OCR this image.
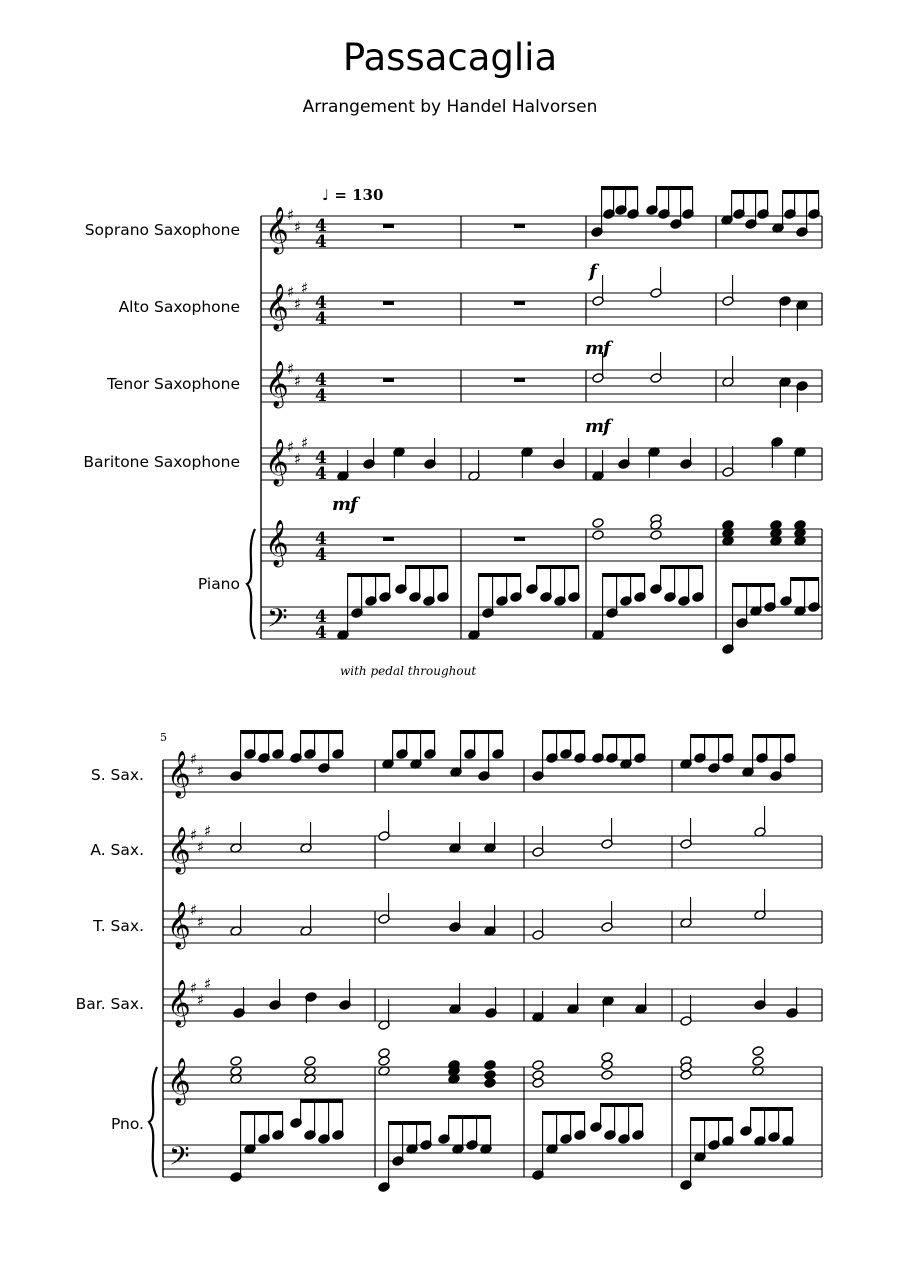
𝄞
𝄞
𝄞
𝄞
𝄞
𝄢
𝄞
𝄞
𝄞
𝄞
𝄞
𝄢
♯
♯
♯
♯
♯
♯
♯
♯
♯
♯
♯
♯
♯
♯
♯
♯
♯
♯
♯
♯
4
4
4
4
4
4
4
4
4
4
4
4
Passacaglia
Arrangement by Handel Halvorsen
♩ = 130
Soprano Saxophone
Alto Saxophone
Tenor Saxophone
Baritone Saxophone
Piano
f
mf
mf
mf
with pedal throughout
5
S. Sax.
A. Sax.
T. Sax.
Bar. Sax.
Pno.
